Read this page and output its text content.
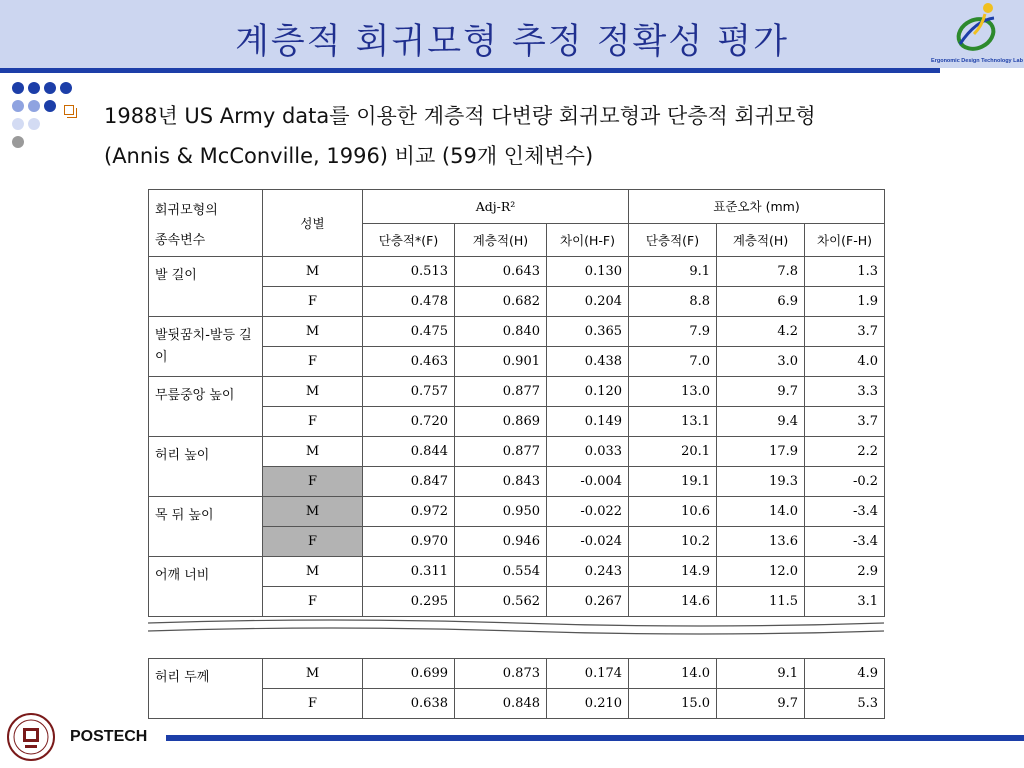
계층적 회귀모형 추정 정확성 평가	Ergonomic Design Technology Lab
1988년 US Army data를 이용한 계층적 다변량 회귀모형과 단층적 회귀모형
(Annis & McConville, 1996) 비교 (59개 인체변수)
회귀모형의
종속변수	성별	Adj-R²			표준오차 (mm)		
		단층적*(F)	계층적(H)	차이(H-F)	단층적(F)	계층적(H)	차이(F-H)
발 길이	M	0.513	0.643	0.130	9.1	7.8	1.3
	F	0.478	0.682	0.204	8.8	6.9	1.9
발뒷꿈치-발등 길이	M	0.475	0.840	0.365	7.9	4.2	3.7
	F	0.463	0.901	0.438	7.0	3.0	4.0
무릎중앙 높이	M	0.757	0.877	0.120	13.0	9.7	3.3
	F	0.720	0.869	0.149	13.1	9.4	3.7
허리 높이	M	0.844	0.877	0.033	20.1	17.9	2.2
	F	0.847	0.843	-0.004	19.1	19.3	-0.2
목 뒤 높이	M	0.972	0.950	-0.022	10.6	14.0	-3.4
	F	0.970	0.946	-0.024	10.2	13.6	-3.4
어깨 너비	M	0.311	0.554	0.243	14.9	12.0	2.9
	F	0.295	0.562	0.267	14.6	11.5	3.1

허리 두께	M	0.699	0.873	0.174	14.0	9.1	4.9
	F	0.638	0.848	0.210	15.0	9.7	5.3
POSTECH
